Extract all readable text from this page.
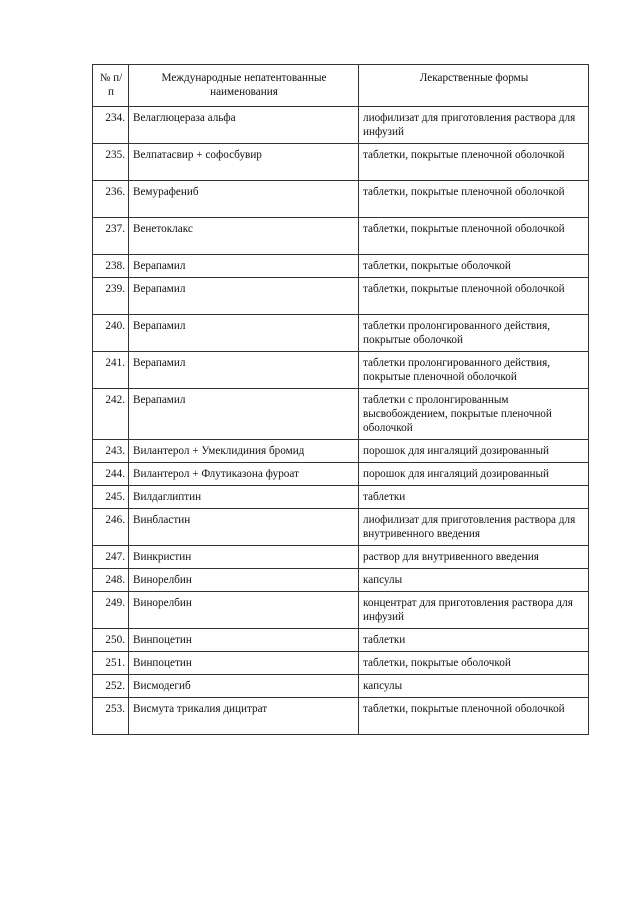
№ п/п	Международные непатентованные наименования	Лекарственные формы
234.	Велаглюцераза альфа	лиофилизат для приготовления раствора для инфузий
235.	Велпатасвир + софосбувир	таблетки, покрытые пленочной оболочкой
236.	Вемурафениб	таблетки, покрытые пленочной оболочкой
237.	Венетоклакс	таблетки, покрытые пленочной оболочкой
238.	Верапамил	таблетки, покрытые оболочкой
239.	Верапамил	таблетки, покрытые пленочной оболочкой
240.	Верапамил	таблетки пролонгированного действия, покрытые оболочкой
241.	Верапамил	таблетки пролонгированного действия, покрытые пленочной оболочкой
242.	Верапамил	таблетки с пролонгированным высвобождением, покрытые пленочной оболочкой
243.	Вилантерол + Умеклидиния бромид	порошок для ингаляций дозированный
244.	Вилантерол + Флутиказона фуроат	порошок для ингаляций дозированный
245.	Вилдаглиптин	таблетки
246.	Винбластин	лиофилизат для приготовления раствора для внутривенного введения
247.	Винкристин	раствор для внутривенного введения
248.	Винорелбин	капсулы
249.	Винорелбин	концентрат для приготовления раствора для инфузий
250.	Винпоцетин	таблетки
251.	Винпоцетин	таблетки, покрытые оболочкой
252.	Висмодегиб	капсулы
253.	Висмута трикалия дицитрат	таблетки, покрытые пленочной оболочкой
